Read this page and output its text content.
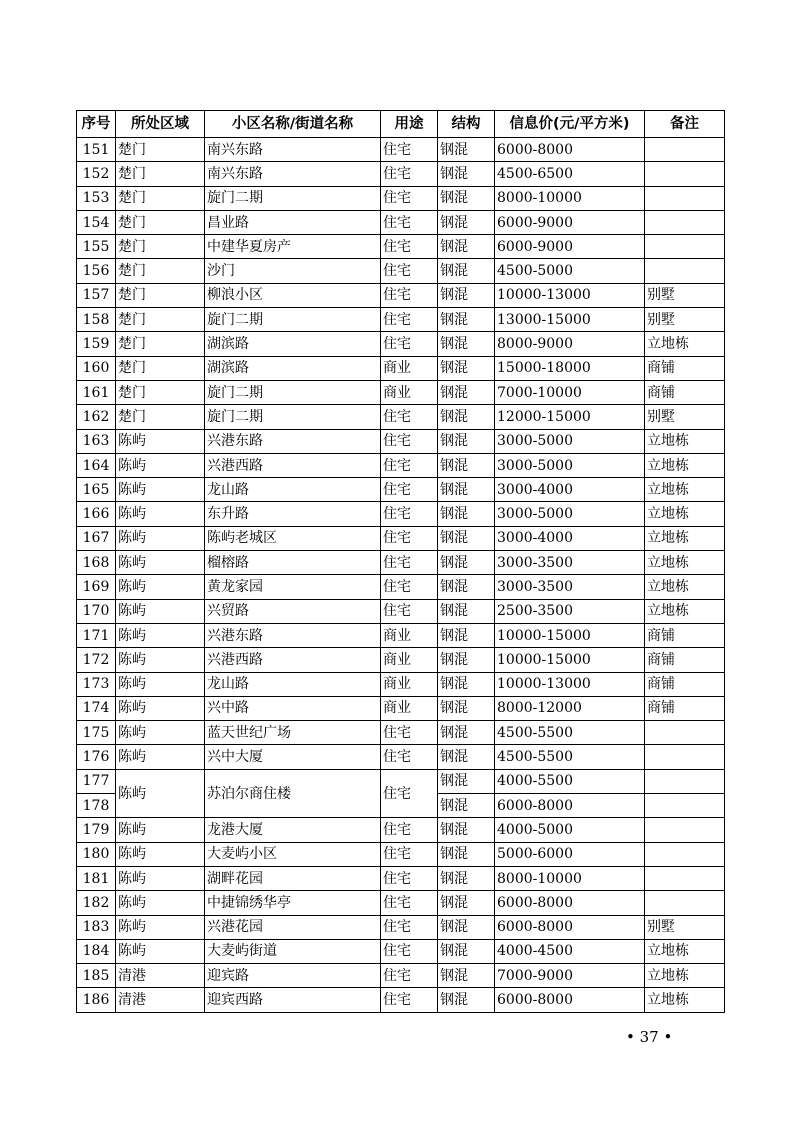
序号	所处区域	小区名称/街道名称	用途	结构	信息价(元/平方米)	备注
151	楚门	南兴东路	住宅	钢混	6000-8000	
152	楚门	南兴东路	住宅	钢混	4500-6500	
153	楚门	旋门二期	住宅	钢混	8000-10000	
154	楚门	昌业路	住宅	钢混	6000-9000	
155	楚门	中建华夏房产	住宅	钢混	6000-9000	
156	楚门	沙门	住宅	钢混	4500-5000	
157	楚门	柳浪小区	住宅	钢混	10000-13000	别墅
158	楚门	旋门二期	住宅	钢混	13000-15000	别墅
159	楚门	湖滨路	住宅	钢混	8000-9000	立地栋
160	楚门	湖滨路	商业	钢混	15000-18000	商铺
161	楚门	旋门二期	商业	钢混	7000-10000	商铺
162	楚门	旋门二期	住宅	钢混	12000-15000	别墅
163	陈屿	兴港东路	住宅	钢混	3000-5000	立地栋
164	陈屿	兴港西路	住宅	钢混	3000-5000	立地栋
165	陈屿	龙山路	住宅	钢混	3000-4000	立地栋
166	陈屿	东升路	住宅	钢混	3000-5000	立地栋
167	陈屿	陈屿老城区	住宅	钢混	3000-4000	立地栋
168	陈屿	榴榕路	住宅	钢混	3000-3500	立地栋
169	陈屿	黄龙家园	住宅	钢混	3000-3500	立地栋
170	陈屿	兴贸路	住宅	钢混	2500-3500	立地栋
171	陈屿	兴港东路	商业	钢混	10000-15000	商铺
172	陈屿	兴港西路	商业	钢混	10000-15000	商铺
173	陈屿	龙山路	商业	钢混	10000-13000	商铺
174	陈屿	兴中路	商业	钢混	8000-12000	商铺
175	陈屿	蓝天世纪广场	住宅	钢混	4500-5500	
176	陈屿	兴中大厦	住宅	钢混	4500-5500	
177	陈屿	苏泊尔商住楼	住宅	钢混	4000-5500	
178				钢混	6000-8000	
179	陈屿	龙港大厦	住宅	钢混	4000-5000	
180	陈屿	大麦屿小区	住宅	钢混	5000-6000	
181	陈屿	湖畔花园	住宅	钢混	8000-10000	
182	陈屿	中捷锦绣华亭	住宅	钢混	6000-8000	
183	陈屿	兴港花园	住宅	钢混	6000-8000	别墅
184	陈屿	大麦屿街道	住宅	钢混	4000-4500	立地栋
185	清港	迎宾路	住宅	钢混	7000-9000	立地栋
186	清港	迎宾西路	住宅	钢混	6000-8000	立地栋
• 37 •
